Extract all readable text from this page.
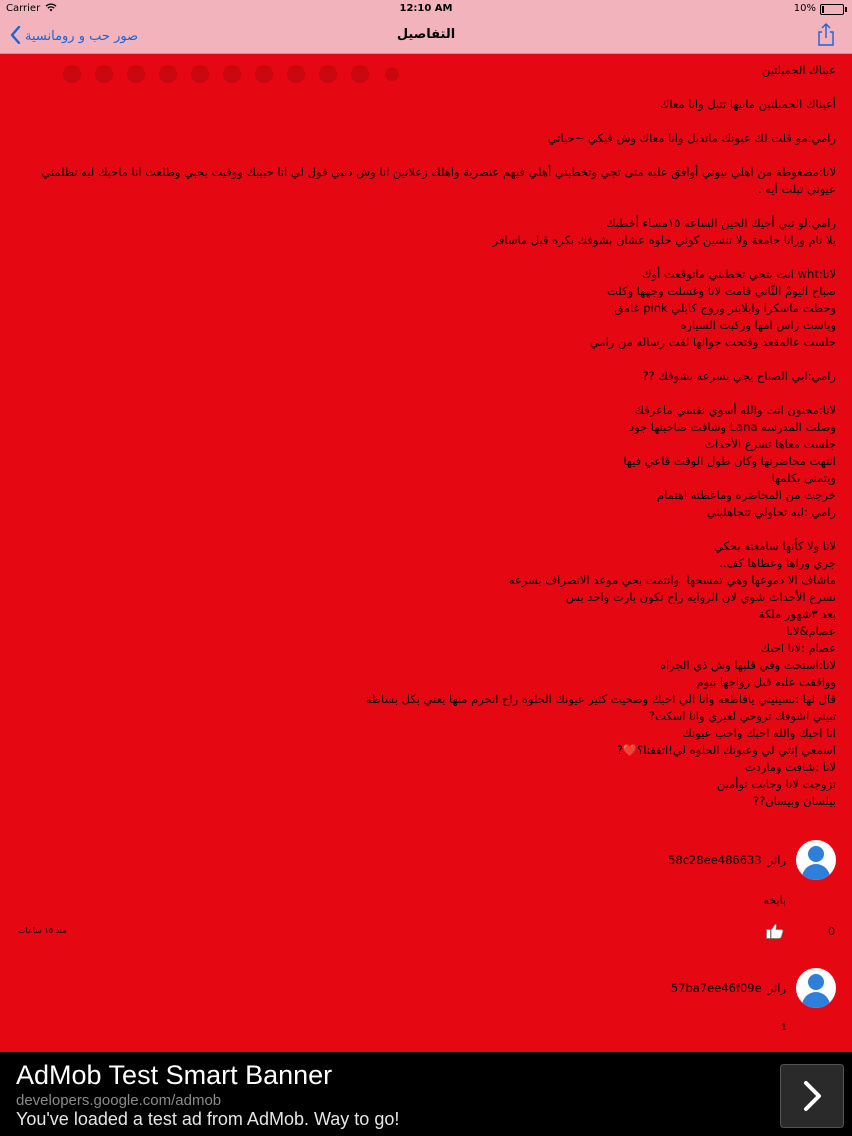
Carrier	12:10 AM	10%
صور حب و رومانسية	التفاصيل
عيناك الجميلتين

أعيناك الجميلتين مابيها تتبل وانا معاك

رامي:مو قلت لك عيونك ماتذبل وانا معاك وش فيكي ~حياتي

لانا:مضغوطة من اهلي بيوني أوافق عليه متى تجي وتخطبني أهلي فيهم عنصرية واهلك زعلانين انا وش ذنبي قول لي انا حبيبك ووقيت بحبي وطلعت انا ماحبك ليه تظلمني عيوني تبلت أيه .

رامي:لو تبي أجيك الحين الساعه ١٥مساء أخطبك
يلا نام ورانا جامعة ولا تنسين كوني حلوه عشان بشوفك بكره قبل ماسافر

لانا:wht انت بتجي تخطبني ماتوقعت أوك
صباح اليومْ الثّاني قامت لانا وغسلت وجهها وكلت
وحطت ماسكرا وايلاينر وروج كابلي pink غامق
وباست راس امها وركبت السياره
جلست عالمقعد وفتحت جوالها لقت رساله من رامي

رامي:ابي الصباح يجي بسرعه بشوفك ??

لانا:مجنون انت والله أسوي نفسي ماعرفك
وصلت المدرسه Lana وشافت صاحبتها جود
جلست معاها تسرع الأحداث
انتهت محاضرتها وكان طول الوقت قاعي فيها
ويتمنى يكلمها
خرجت من المحاضره وماعطته اهتمام
رامي :ليه تحاولي تتجاهليني

لانا ولا كأنها سامعته يحكي
جري وراها وعطاها كف..
ماشاف الا دموعها وهي تمسحها  وانتمت يجي موعد الانصراف بسرعه
نسرع الأحداث شوي لان الروايه راح تكون بارت واحد بس
بعد ٣شهور ملكة
عصام&لانا
عصام :لانا احبك
لانا:استحت وفي قلبها وش ذي الجراه
ووافقت عليه قبل زواجها بيوم
قال لها :نسيتيني يافاطعه وانا الي احبك وضحيت كثير عيونك الحلوه راح انحرم منها يعني بكل بساطة
تبيني اشوفك تروحي لغيري وانا اسكت?
انا احبك والله احبك واحب عيونك
اسمعي إنتي لي وعيونك الحلوه لي!اتفقنا؟❤️?
لانا :شافت وماردت
تزوجت لانا وجابت توأمين
بيلسان وبيسان??
زائر58c28ee486633
بايخه
منذ ١٥ ساعات	0
زائر57ba7ee46f09e
1
AdMob Test Smart Banner
developers.google.com/admob
You've loaded a test ad from AdMob. Way to go!
